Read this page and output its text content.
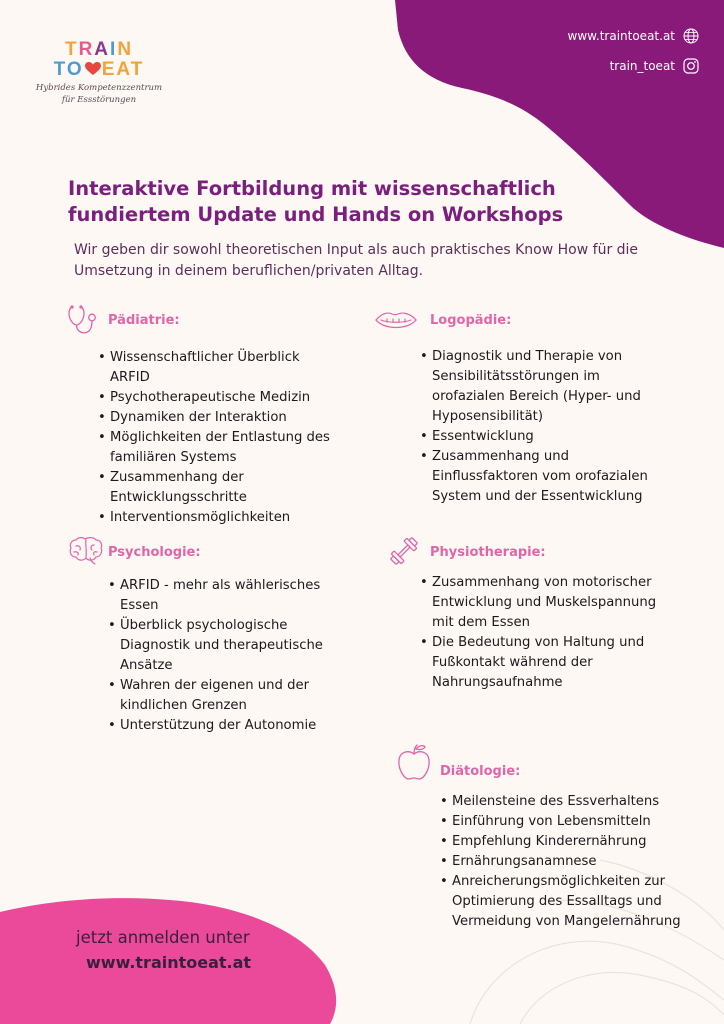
www.traintoeat.at
train_toeat
TRAIN
TO EAT
Hybrides Kompetenzzentrum
für Essstörungen
Interaktive Fortbildung mit wissenschaftlich fundiertem Update und Hands on Workshops

Wir geben dir sowohl theoretischen Input als auch praktisches Know How für die Umsetzung in deinem beruflichen/privaten Alltag.

Pädiatrie:
• Wissenschaftlicher Überblick ARFID
• Psychotherapeutische Medizin
• Dynamiken der Interaktion
• Möglichkeiten der Entlastung des familiären Systems
• Zusammenhang der Entwicklungsschritte
• Interventionsmöglichkeiten
Logopädie:
• Diagnostik und Therapie von Sensibilitätsstörungen im orofazialen Bereich (Hyper- und Hyposensibilität)
• Essentwicklung
• Zusammenhang und Einflussfaktoren vom orofazialen System und der Essentwicklung
Psychologie:
• ARFID - mehr als wählerisches Essen
• Überblick psychologische Diagnostik und therapeutische Ansätze
• Wahren der eigenen und der kindlichen Grenzen
• Unterstützung der Autonomie
Physiotherapie:
• Zusammenhang von motorischer Entwicklung und Muskelspannung mit dem Essen
• Die Bedeutung von Haltung und Fußkontakt während der Nahrungsaufnahme
Diätologie:
• Meilensteine des Essverhaltens
• Einführung von Lebensmitteln
• Empfehlung Kinderernährung
• Ernährungsanamnese
• Anreicherungsmöglichkeiten zur Optimierung des Essalltags und Vermeidung von Mangelernährung
jetzt anmelden unter
www.traintoeat.at
